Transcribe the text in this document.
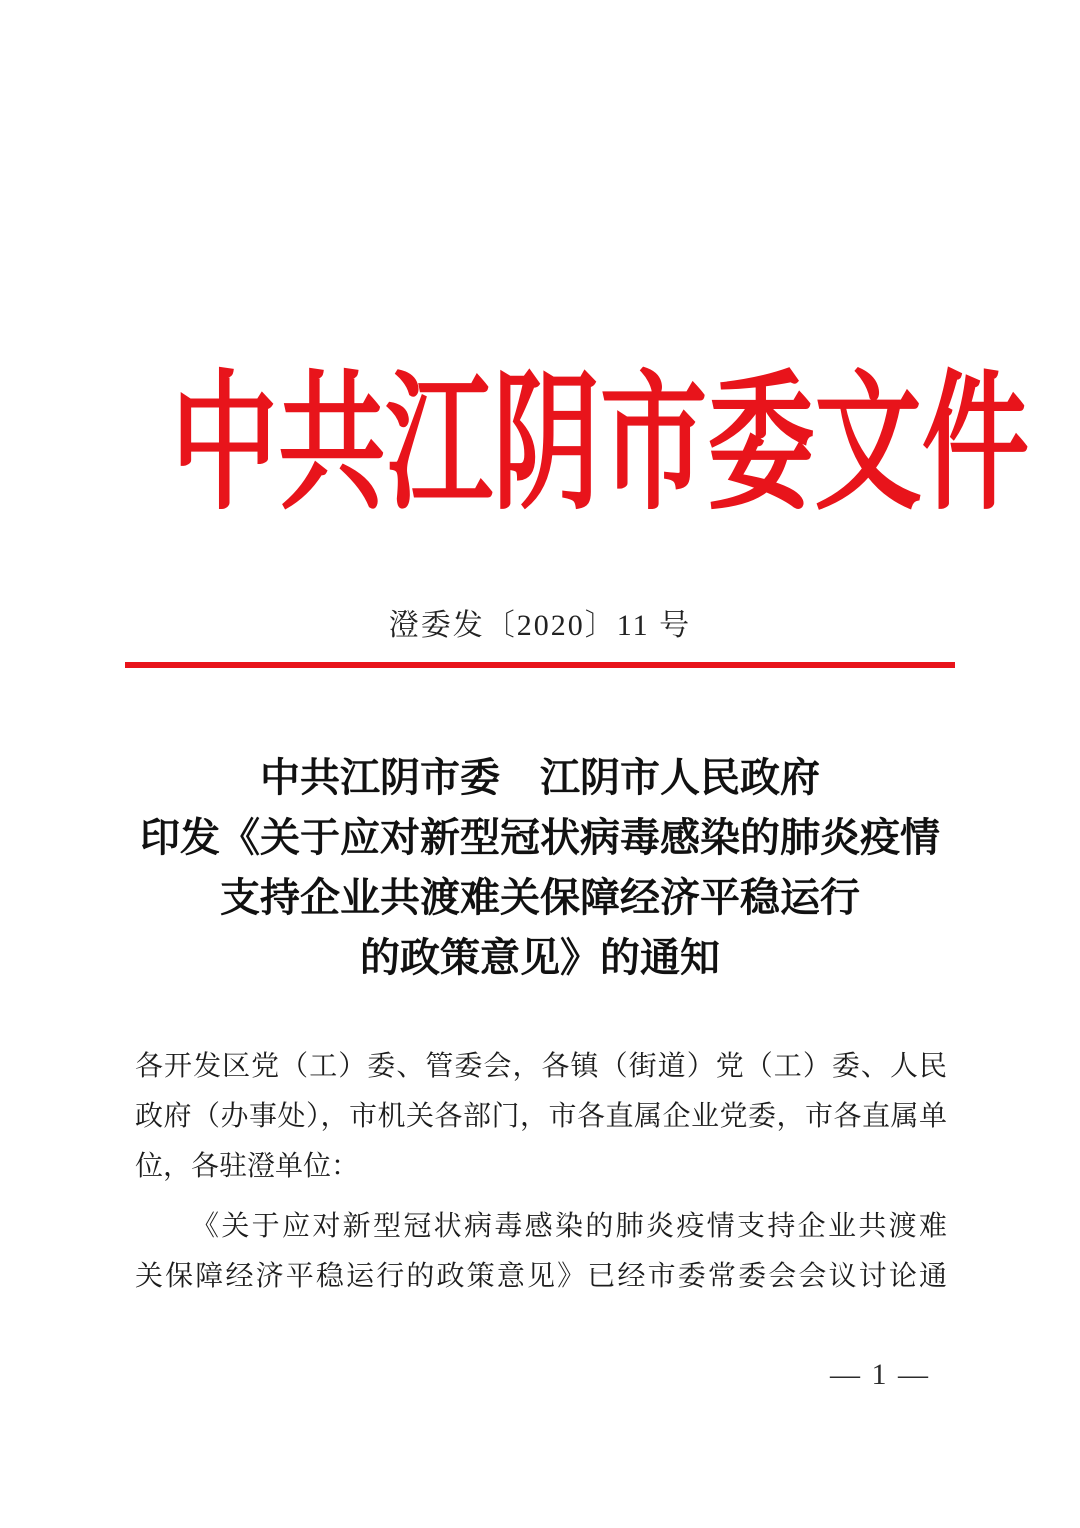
中共江阴市委文件
澄委发〔2020〕11 号
中共江阴市委　江阴市人民政府
印发《关于应对新型冠状病毒感染的肺炎疫情
支持企业共渡难关保障经济平稳运行
的政策意见》的通知
各开发区党（工）委、管委会，各镇（街道）党（工）委、人民
政府（办事处），市机关各部门，市各直属企业党委，市各直属单
位，各驻澄单位：
《关于应对新型冠状病毒感染的肺炎疫情支持企业共渡难
关保障经济平稳运行的政策意见》已经市委常委会会议讨论通
— 1 —
